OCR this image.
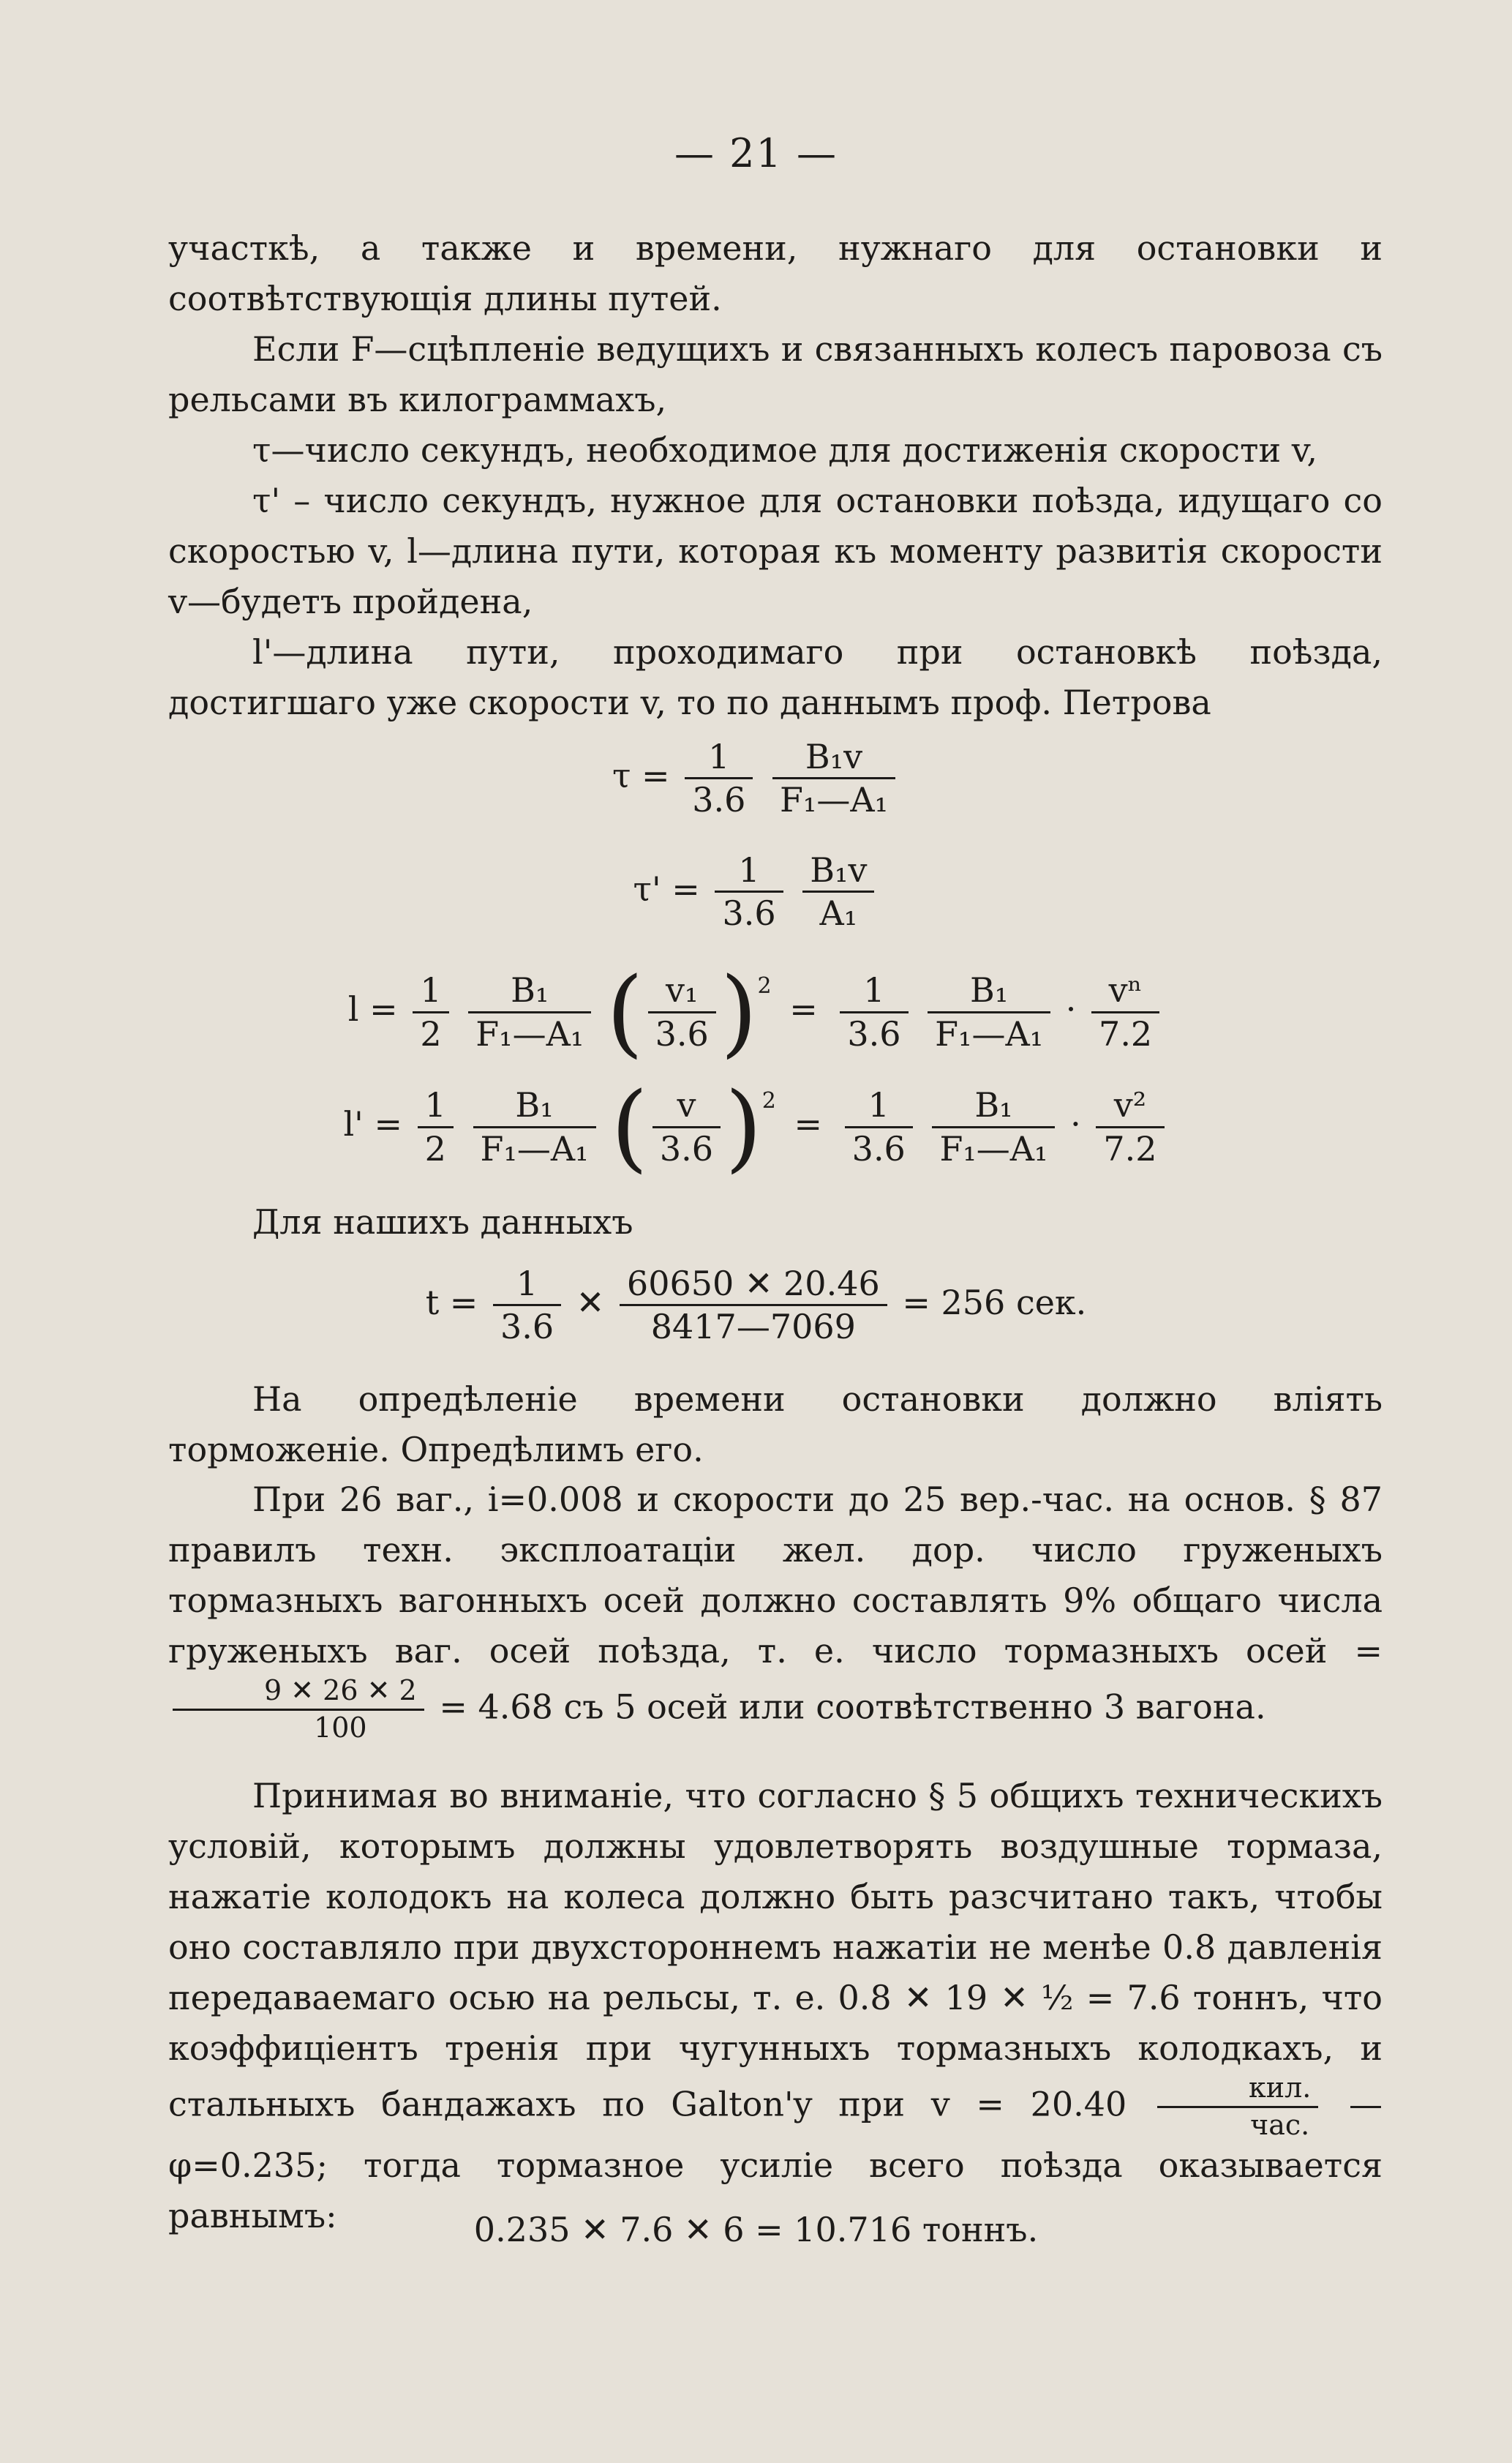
— 21 —

участкѣ, а также и времени, нужнаго для остановки и соотвѣтствующія длины путей.

Если F—сцѣпленіе ведущихъ и связанныхъ колесъ паровоза съ рельсами въ килограммахъ,

τ—число секундъ, необходимое для достиженія скорости v,

τ' – число секундъ, нужное для остановки поѣзда, идущаго со скоростью v, l—длина пути, которая къ моменту развитія скорости v—будетъ пройдена,

l'—длина пути, проходимаго при остановкѣ поѣзда, достигшаго уже скорости v, то по даннымъ проф. Петрова

$\tau = \frac{1}{3.6}$
$\frac{\text{B₁v}}{\text{F₁—A₁}}$
$\tau' = \frac{1}{3.6}$
$\frac{\text{B₁v}}{\text{A₁}}$
$l = \frac{1}{2}$
$\frac{\text{B₁}}{\text{F₁—A₁}}$ ( $\frac{\text{v₁}}{3.6} )^2 = \frac{1}{3.6}$
$\frac{\text{B₁}}{\text{F₁—A₁}} \cdot \frac{\text{vⁿ}}{7.2}$
$l' = \frac{1}{2}$
$\frac{\text{B₁}}{\text{F₁—A₁}}$ ( $\frac{v}{3.6} )^2 = \frac{1}{3.6}$
$\frac{\text{B₁}}{\text{F₁—A₁}} \cdot \frac{\text{v²}}{7.2}$

Для нашихъ данныхъ

$t = \frac{1}{3.6}$ ✕ $\frac{60650 ✕ 20.46}{8417—7069} = 256$ сек.

На опредѣленіе времени остановки должно вліять торможеніе. Опредѣлимъ его.

При 26 ваг., i=0.008 и скорости до 25 вер.-час. на основ. § 87 правилъ техн. эксплоатаціи жел. дор. число груженыхъ тормазныхъ вагонныхъ осей должно составлять 9% общаго числа груженыхъ ваг. осей поѣзда, т. е. число тормазныхъ осей =
$\frac{9 ✕ 26 ✕ 2}{100} = 4.68$ съ 5 осей или соотвѣтственно 3 вагона.
Принимая во вниманіе, что согласно § 5 общихъ техническихъ условій, которымъ должны удовлетворять воздушные тормаза, нажатіе колодокъ на колеса должно быть разсчитано такъ, чтобы оно составляло при двухстороннемъ нажатіи не менѣе 0.8 давленія передаваемаго осью на рельсы, т. е. 0.8 ✕ 19 ✕ ½ = 7.6 тоннъ, что коэффиціентъ тренія при чугунныхъ тормазныхъ колодкахъ, и стальныхъ бандажахъ по Galton'y при $v = 20.40 \frac{\text{кил.}}{\text{час.}}$ —φ=0.235; тогда тормазное усиліе всего поѣзда оказывается равнымъ:	0.235 ✕ 7.6 ✕ 6 = 10.716 тоннъ.
